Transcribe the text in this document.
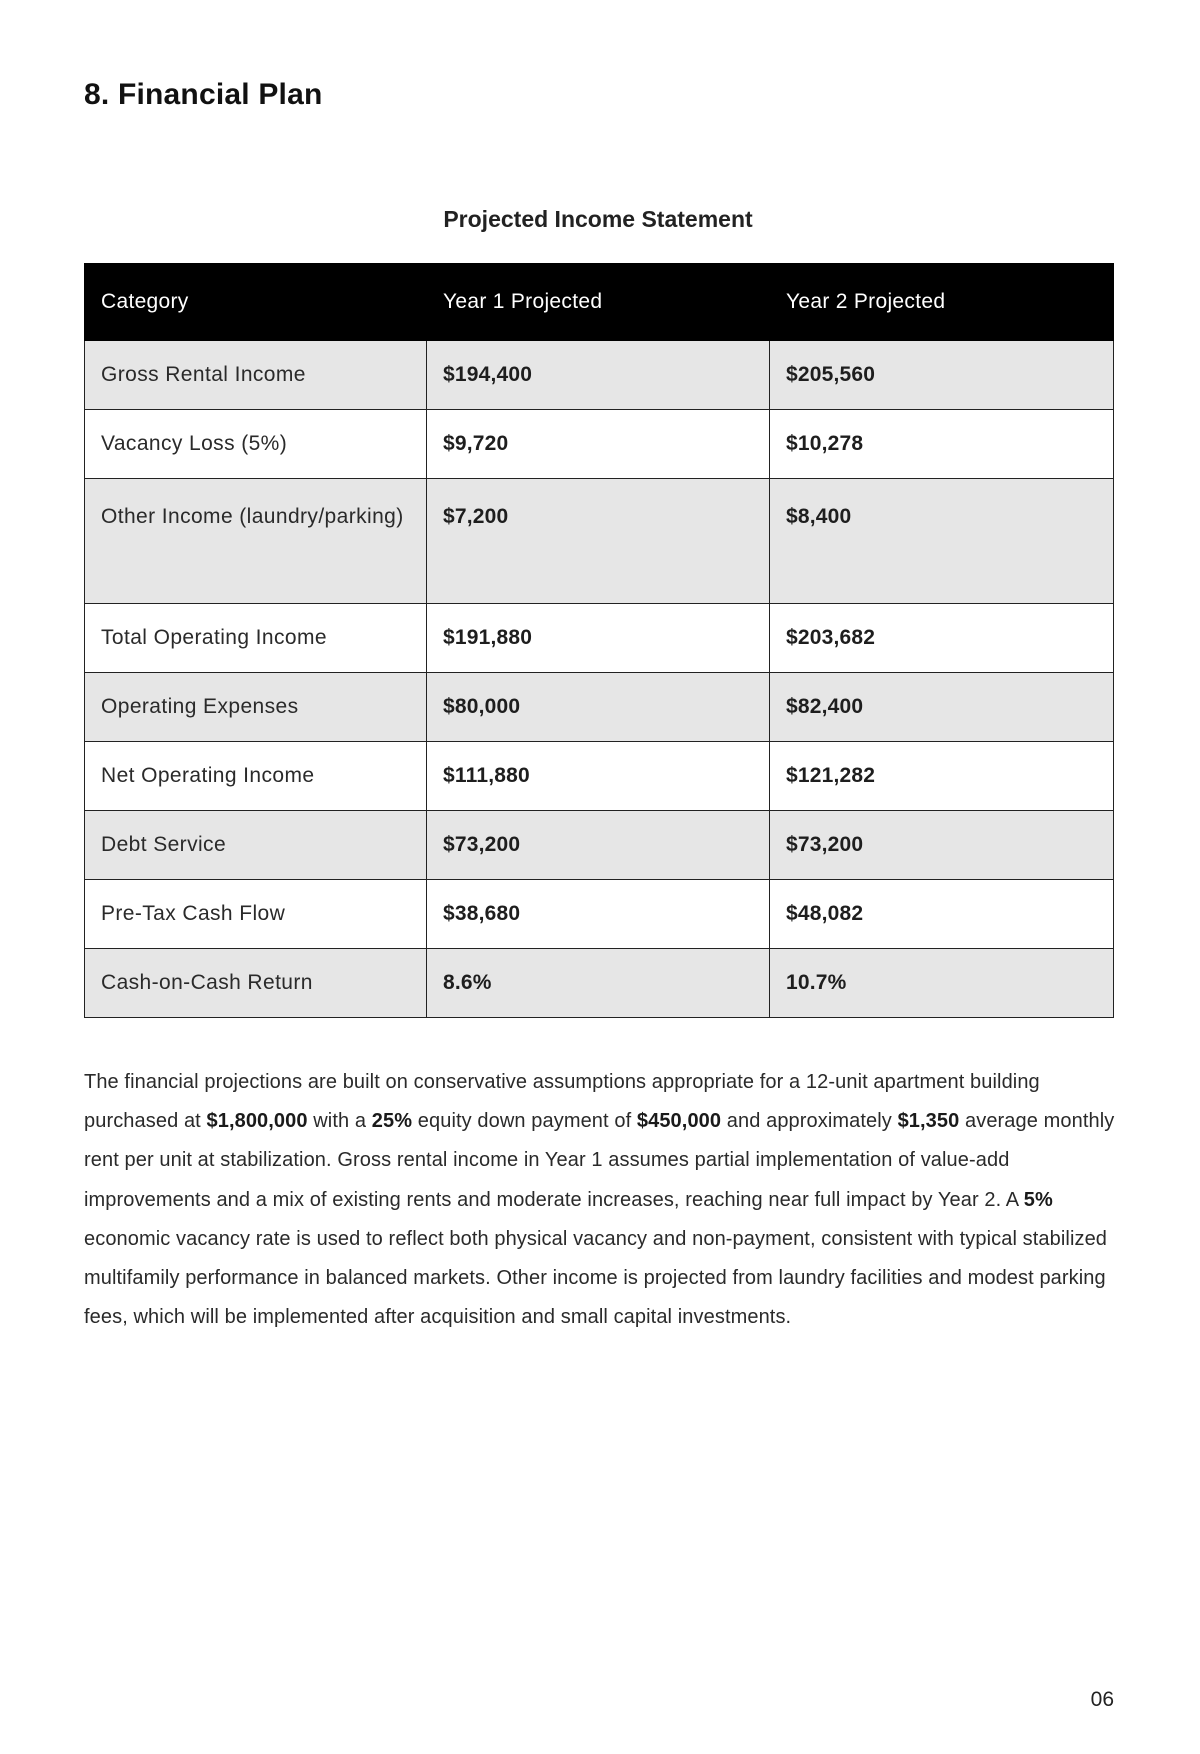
8. Financial Plan
Projected Income Statement
Category	Year 1 Projected	Year 2 Projected
Gross Rental Income	$194,400	$205,560
Vacancy Loss (5%)	$9,720	$10,278
Other Income (laundry/parking)	$7,200	$8,400
Total Operating Income	$191,880	$203,682
Operating Expenses	$80,000	$82,400
Net Operating Income	$111,880	$121,282
Debt Service	$73,200	$73,200
Pre-Tax Cash Flow	$38,680	$48,082
Cash-on-Cash Return	8.6%	10.7%

The financial projections are built on conservative assumptions appropriate for a 12-unit apartment building purchased at $1,800,000 with a 25% equity down payment of $450,000 and approximately $1,350 average monthly rent per unit at stabilization. Gross rental income in Year 1 assumes partial implementation of value-add improvements and a mix of existing rents and moderate increases, reaching near full impact by Year 2. A 5% economic vacancy rate is used to reflect both physical vacancy and non-payment, consistent with typical stabilized multifamily performance in balanced markets. Other income is projected from laundry facilities and modest parking fees, which will be implemented after acquisition and small capital investments.

06
